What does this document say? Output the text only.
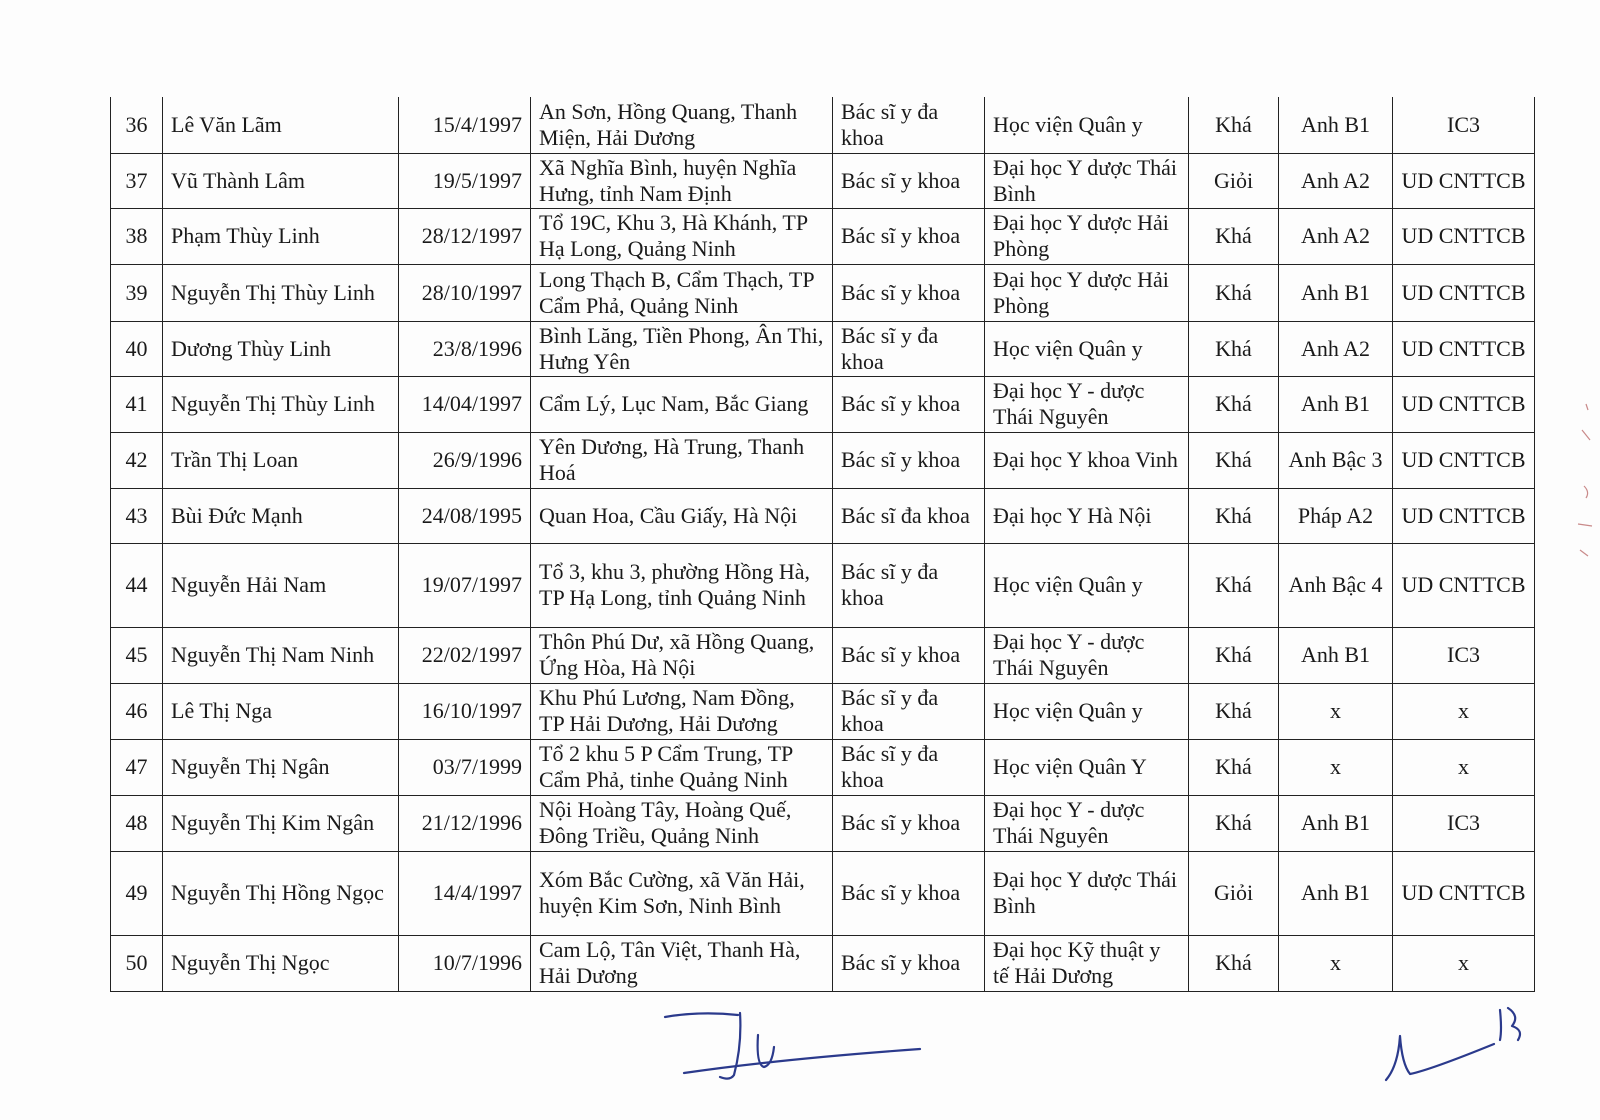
36	Lê Văn Lãm	15/4/1997	An Sơn, Hồng Quang, Thanh Miện, Hải Dương	Bác sĩ y đa khoa	Học viện Quân y	Khá	Anh B1	IC3
37	Vũ Thành Lâm	19/5/1997	Xã Nghĩa Bình, huyện Nghĩa Hưng, tỉnh Nam Định	Bác sĩ y khoa	Đại học Y dược Thái Bình	Giỏi	Anh A2	UD CNTTCB
38	Phạm Thùy Linh	28/12/1997	Tổ 19C, Khu 3, Hà Khánh, TP Hạ Long, Quảng Ninh	Bác sĩ y khoa	Đại học Y dược Hải Phòng	Khá	Anh A2	UD CNTTCB
39	Nguyễn Thị Thùy Linh	28/10/1997	Long Thạch B, Cẩm Thạch, TP Cẩm Phả, Quảng Ninh	Bác sĩ y khoa	Đại học Y dược Hải Phòng	Khá	Anh B1	UD CNTTCB
40	Dương Thùy Linh	23/8/1996	Bình Lăng, Tiền Phong, Ân Thi, Hưng Yên	Bác sĩ y đa khoa	Học viện Quân y	Khá	Anh A2	UD CNTTCB
41	Nguyễn Thị Thùy Linh	14/04/1997	Cẩm Lý, Lục Nam, Bắc Giang	Bác sĩ y khoa	Đại học Y - dược Thái Nguyên	Khá	Anh B1	UD CNTTCB
42	Trần Thị Loan	26/9/1996	Yên Dương, Hà Trung, Thanh Hoá	Bác sĩ y khoa	Đại học Y khoa Vinh	Khá	Anh Bậc 3	UD CNTTCB
43	Bùi Đức Mạnh	24/08/1995	Quan Hoa, Cầu Giấy, Hà Nội	Bác sĩ đa khoa	Đại học Y Hà Nội	Khá	Pháp A2	UD CNTTCB
44	Nguyễn Hải Nam	19/07/1997	Tổ 3, khu 3, phường Hồng Hà, TP Hạ Long, tỉnh Quảng Ninh	Bác sĩ y đa khoa	Học viện Quân y	Khá	Anh Bậc 4	UD CNTTCB
45	Nguyễn Thị Nam Ninh	22/02/1997	Thôn Phú Dư, xã Hồng Quang, Ứng Hòa, Hà Nội	Bác sĩ y khoa	Đại học Y - dược Thái Nguyên	Khá	Anh B1	IC3
46	Lê Thị Nga	16/10/1997	Khu Phú Lương, Nam Đồng, TP Hải Dương, Hải Dương	Bác sĩ y đa khoa	Học viện Quân y	Khá	x	x
47	Nguyễn Thị Ngân	03/7/1999	Tổ 2 khu 5 P Cẩm Trung, TP Cẩm Phả, tinhe Quảng Ninh	Bác sĩ y đa khoa	Học viện Quân Y	Khá	x	x
48	Nguyễn Thị Kim Ngân	21/12/1996	Nội Hoàng Tây, Hoàng Quế, Đông Triều, Quảng Ninh	Bác sĩ y khoa	Đại học Y - dược Thái Nguyên	Khá	Anh B1	IC3
49	Nguyễn Thị Hồng Ngọc	14/4/1997	Xóm Bắc Cường, xã Văn Hải, huyện Kim Sơn, Ninh Bình	Bác sĩ y khoa	Đại học Y dược Thái Bình	Giỏi	Anh B1	UD CNTTCB
50	Nguyễn Thị Ngọc	10/7/1996	Cam Lộ, Tân Việt, Thanh Hà, Hải Dương	Bác sĩ y khoa	Đại học Kỹ thuật y tế Hải Dương	Khá	x	x
